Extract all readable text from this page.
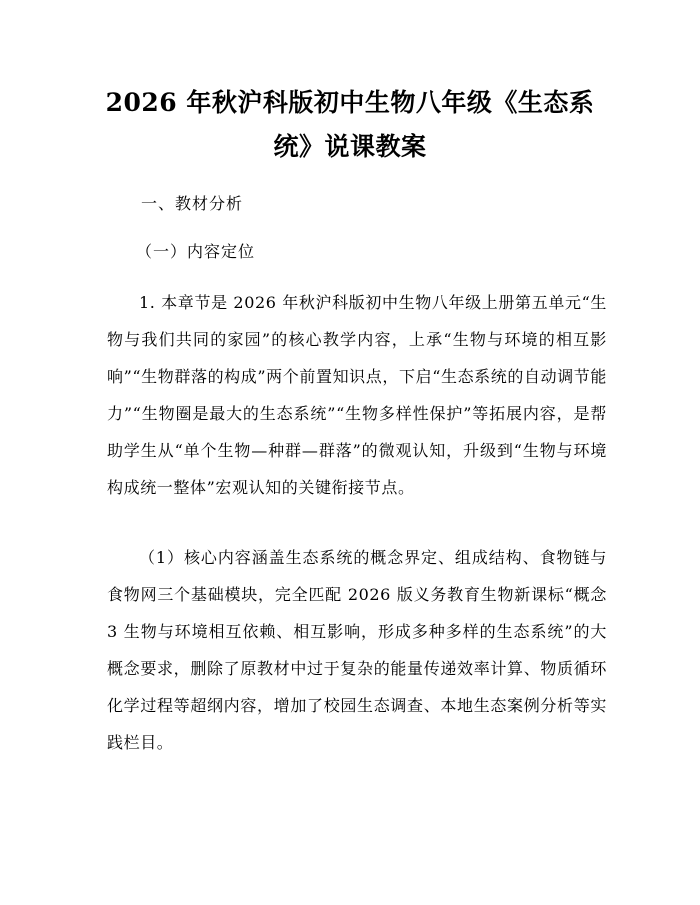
2026 年秋沪科版初中生物八年级《生态系
统》说课教案
一、教材分析
（一）内容定位

1. 本章节是 2026 年秋沪科版初中生物八年级上册第五单元“生物与我们共同的家园”的核心教学内容，上承“生物与环境的相互影响”“生物群落的构成”两个前置知识点，下启“生态系统的自动调节能力”“生物圈是最大的生态系统”“生物多样性保护”等拓展内容，是帮助学生从“单个生物—种群—群落”的微观认知，升级到“生物与环境构成统一整体”宏观认知的关键衔接节点。

（1）核心内容涵盖生态系统的概念界定、组成结构、食物链与食物网三个基础模块，完全匹配 2026 版义务教育生物新课标“概念 3 生物与环境相互依赖、相互影响，形成多种多样的生态系统”的大概念要求，删除了原教材中过于复杂的能量传递效率计算、物质循环化学过程等超纲内容，增加了校园生态调查、本地生态案例分析等实践栏目。
